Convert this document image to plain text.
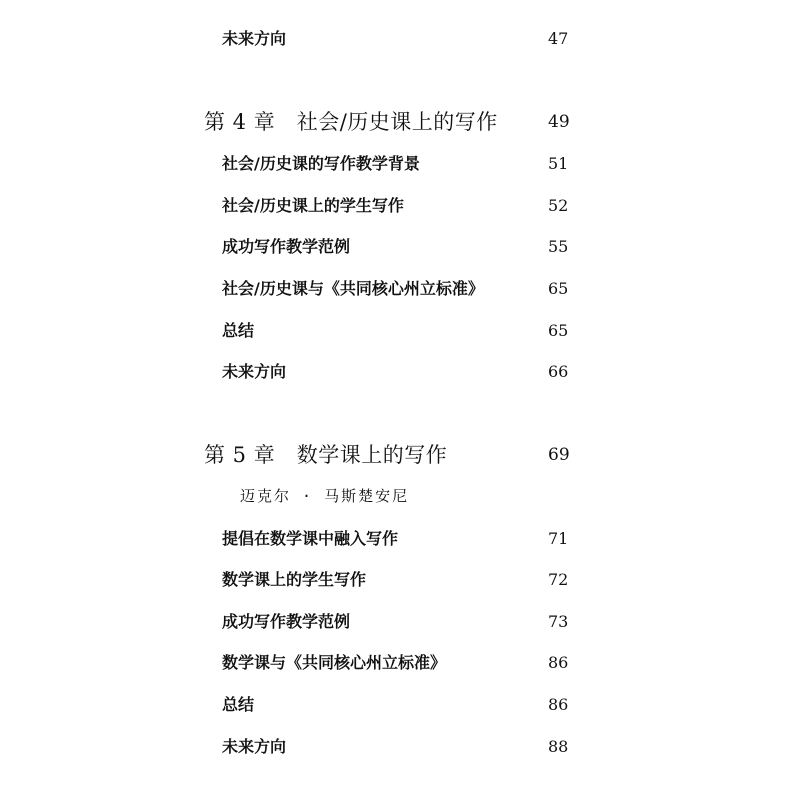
未来方向	47
第 4 章　社会/历史课上的写作	49
社会/历史课的写作教学背景	51
社会/历史课上的学生写作	52
成功写作教学范例	55
社会/历史课与《共同核心州立标准》	65
总结	65
未来方向	66
第 5 章　数学课上的写作	69
迈克尔 · 马斯楚安尼
提倡在数学课中融入写作	71
数学课上的学生写作	72
成功写作教学范例	73
数学课与《共同核心州立标准》	86
总结	86
未来方向	88
